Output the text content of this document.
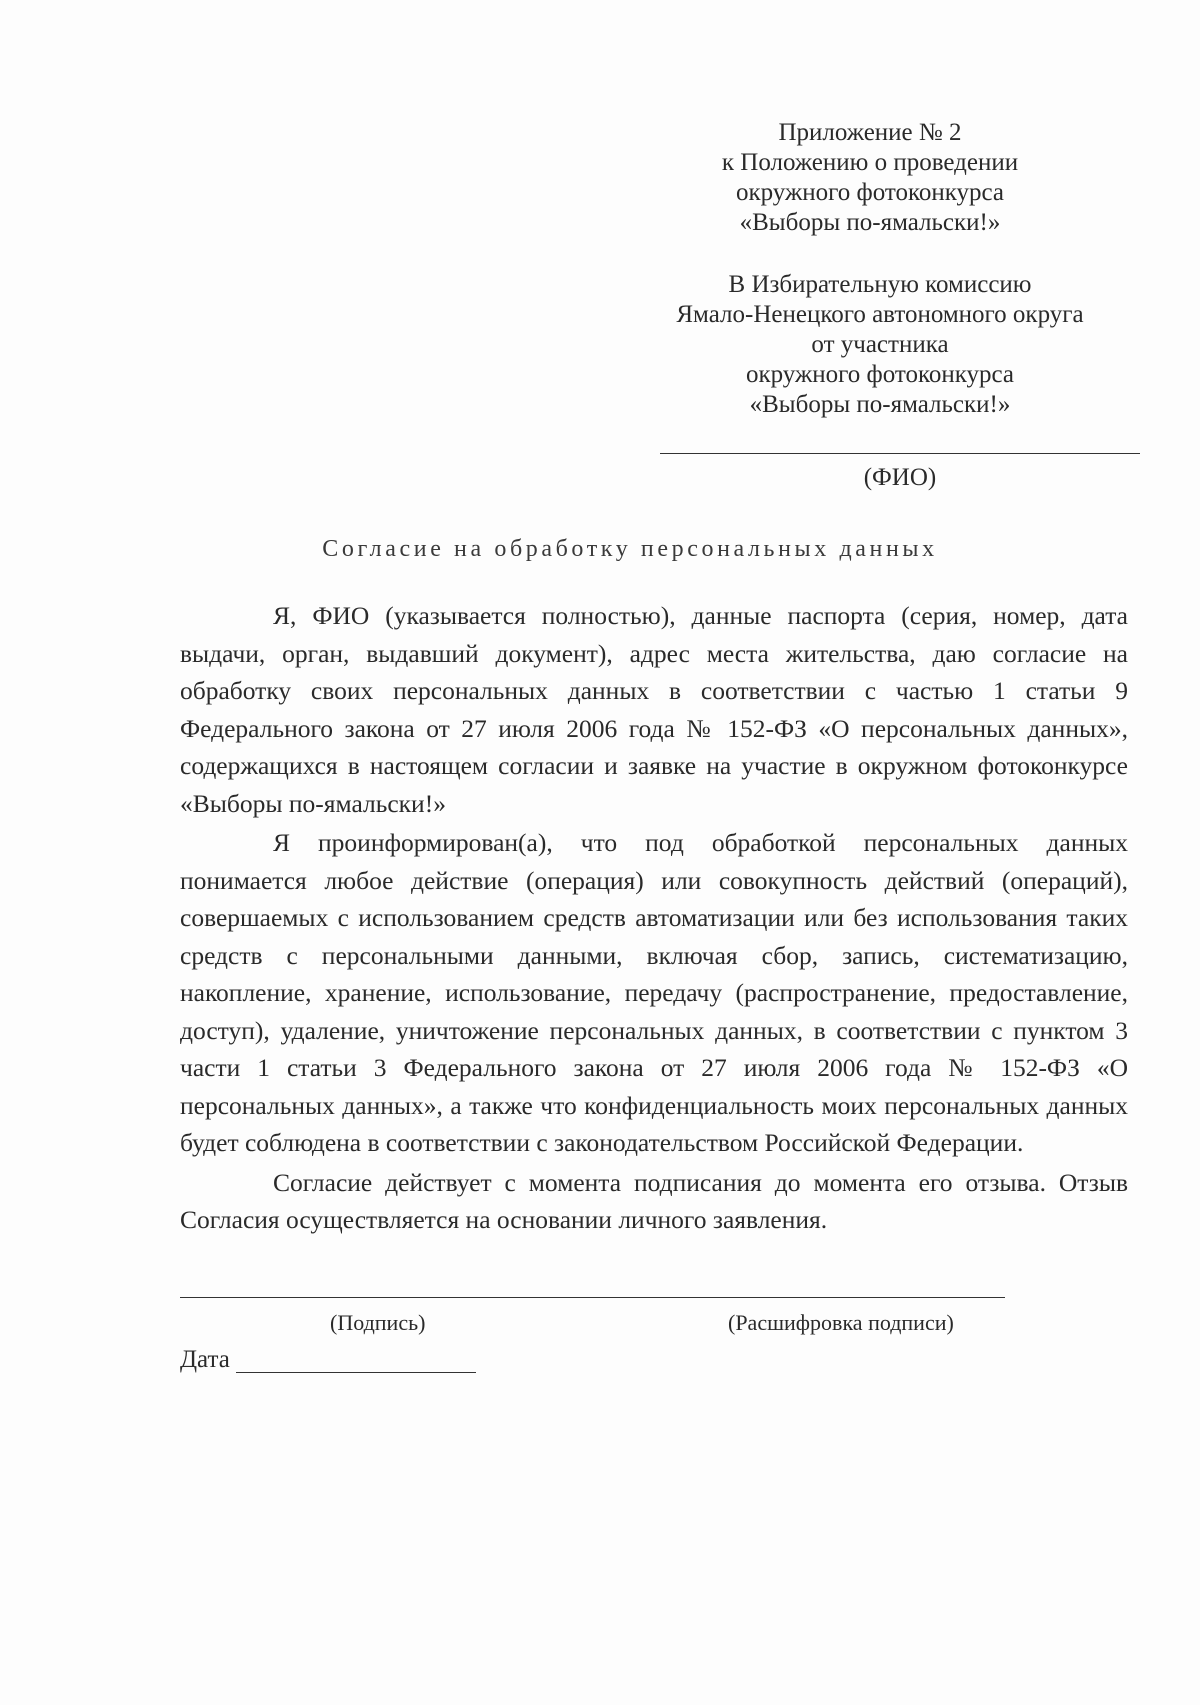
Приложение № 2
к Положению о проведении
окружного фотоконкурса
«Выборы по-ямальски!»
В Избирательную комиссию
Ямало-Ненецкого автономного округа
от участника
окружного фотоконкурса
«Выборы по-ямальски!»
(ФИО)
Согласие на обработку персональных данных

Я, ФИО (указывается полностью), данные паспорта (серия, номер, дата выдачи, орган, выдавший документ), адрес места жительства, даю согласие на обработку своих персональных данных в соответствии с частью 1 статьи 9 Федерального закона от 27 июля 2006 года № 152-ФЗ «О персональных данных», содержащихся в настоящем согласии и заявке на участие в окружном фотоконкурсе «Выборы по-ямальски!»

Я проинформирован(а), что под обработкой персональных данных понимается любое действие (операция) или совокупность действий (операций), совершаемых с использованием средств автоматизации или без использования таких средств с персональными данными, включая сбор, запись, систематизацию, накопление, хранение, использование, передачу (распространение, предоставление, доступ), удаление, уничтожение персональных данных, в соответствии с пунктом 3 части 1 статьи 3 Федерального закона от 27 июля 2006 года № 152-ФЗ «О персональных данных», а также что конфиденциальность моих персональных данных будет соблюдена в соответствии с законодательством Российской Федерации.

Согласие действует с момента подписания до момента его отзыва. Отзыв Согласия осуществляется на основании личного заявления.

(Подпись)	(Расшифровка подписи)
Дата
